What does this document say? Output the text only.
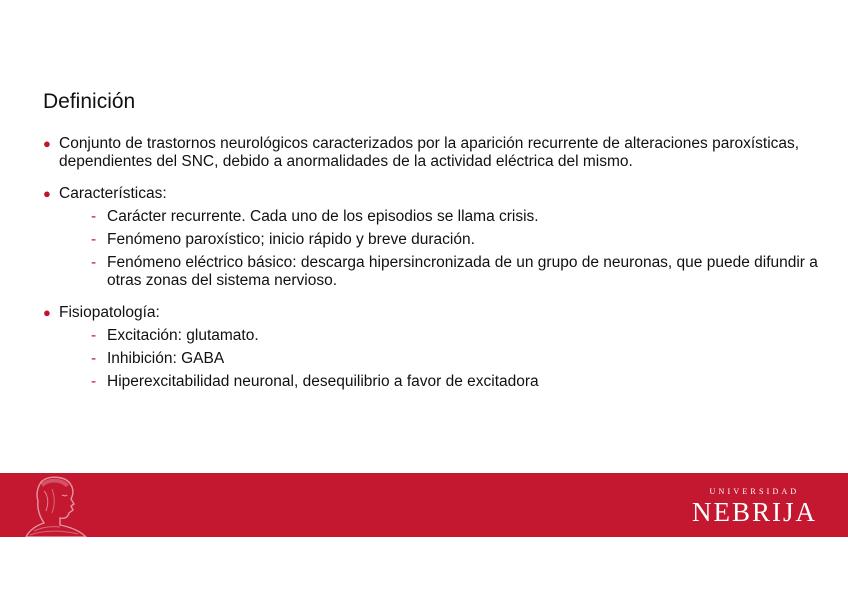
Definición
● Conjunto de trastornos neurológicos caracterizados por la aparición recurrente de alteraciones paroxísticas, dependientes del SNC, debido a anormalidades de la actividad eléctrica del mismo.
● Características:
- Carácter recurrente. Cada uno de los episodios se llama crisis.
- Fenómeno paroxístico; inicio rápido y breve duración.
- Fenómeno eléctrico básico: descarga hipersincronizada de un grupo de neuronas, que puede difundir a otras zonas del sistema nervioso.
● Fisiopatología:
- Excitación: glutamato.
- Inhibición: GABA
- Hiperexcitabilidad neuronal, desequilibrio a favor de excitadora
UNIVERSIDAD
NEBRIJA
